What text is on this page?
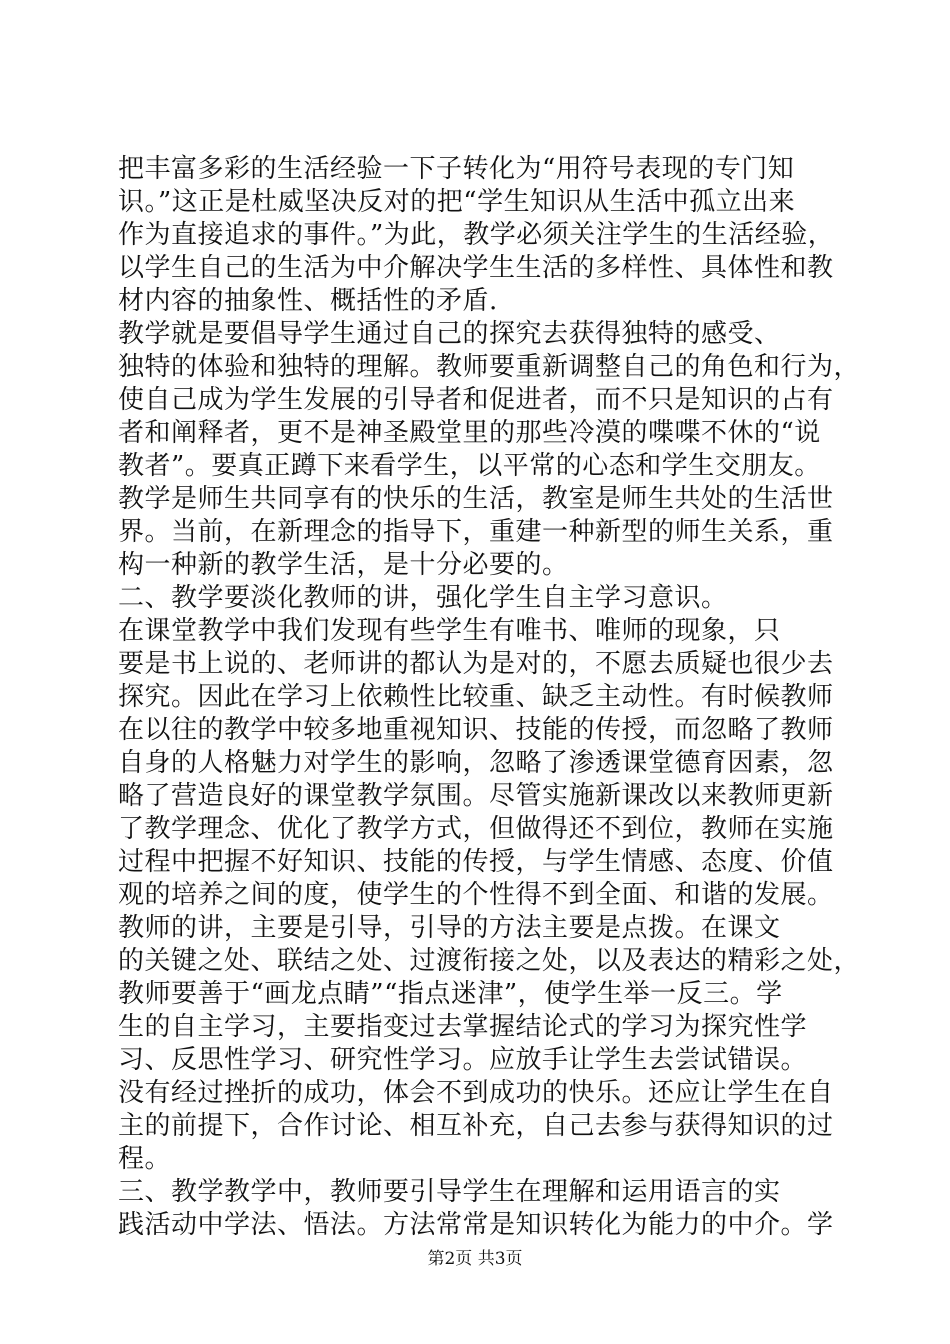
把丰富多彩的生活经验一下子转化为“用符号表现的专门知
识。”这正是杜威坚决反对的把“学生知识从生活中孤立出来
作为直接追求的事件。”为此，教学必须关注学生的生活经验，
以学生自己的生活为中介解决学生生活的多样性、具体性和教
材内容的抽象性、概括性的矛盾.
教学就是要倡导学生通过自己的探究去获得独特的感受、
独特的体验和独特的理解。教师要重新调整自己的角色和行为，
使自己成为学生发展的引导者和促进者，而不只是知识的占有
者和阐释者，更不是神圣殿堂里的那些冷漠的喋喋不休的“说
教者”。要真正蹲下来看学生，以平常的心态和学生交朋友。
教学是师生共同享有的快乐的生活，教室是师生共处的生活世
界。当前，在新理念的指导下，重建一种新型的师生关系，重
构一种新的教学生活，是十分必要的。
二、教学要淡化教师的讲，强化学生自主学习意识。
在课堂教学中我们发现有些学生有唯书、唯师的现象，只
要是书上说的、老师讲的都认为是对的，不愿去质疑也很少去
探究。因此在学习上依赖性比较重、缺乏主动性。有时候教师
在以往的教学中较多地重视知识、技能的传授，而忽略了教师
自身的人格魅力对学生的影响，忽略了渗透课堂德育因素，忽
略了营造良好的课堂教学氛围。尽管实施新课改以来教师更新
了教学理念、优化了教学方式，但做得还不到位，教师在实施
过程中把握不好知识、技能的传授，与学生情感、态度、价值
观的培养之间的度，使学生的个性得不到全面、和谐的发展。
教师的讲，主要是引导，引导的方法主要是点拨。在课文
的关键之处、联结之处、过渡衔接之处，以及表达的精彩之处，
教师要善于“画龙点睛”“指点迷津”，使学生举一反三。学
生的自主学习，主要指变过去掌握结论式的学习为探究性学
习、反思性学习、研究性学习。应放手让学生去尝试错误。
没有经过挫折的成功，体会不到成功的快乐。还应让学生在自
主的前提下，合作讨论、相互补充，自己去参与获得知识的过
程。
三、教学教学中，教师要引导学生在理解和运用语言的实
践活动中学法、悟法。方法常常是知识转化为能力的中介。学
第2页 共3页
